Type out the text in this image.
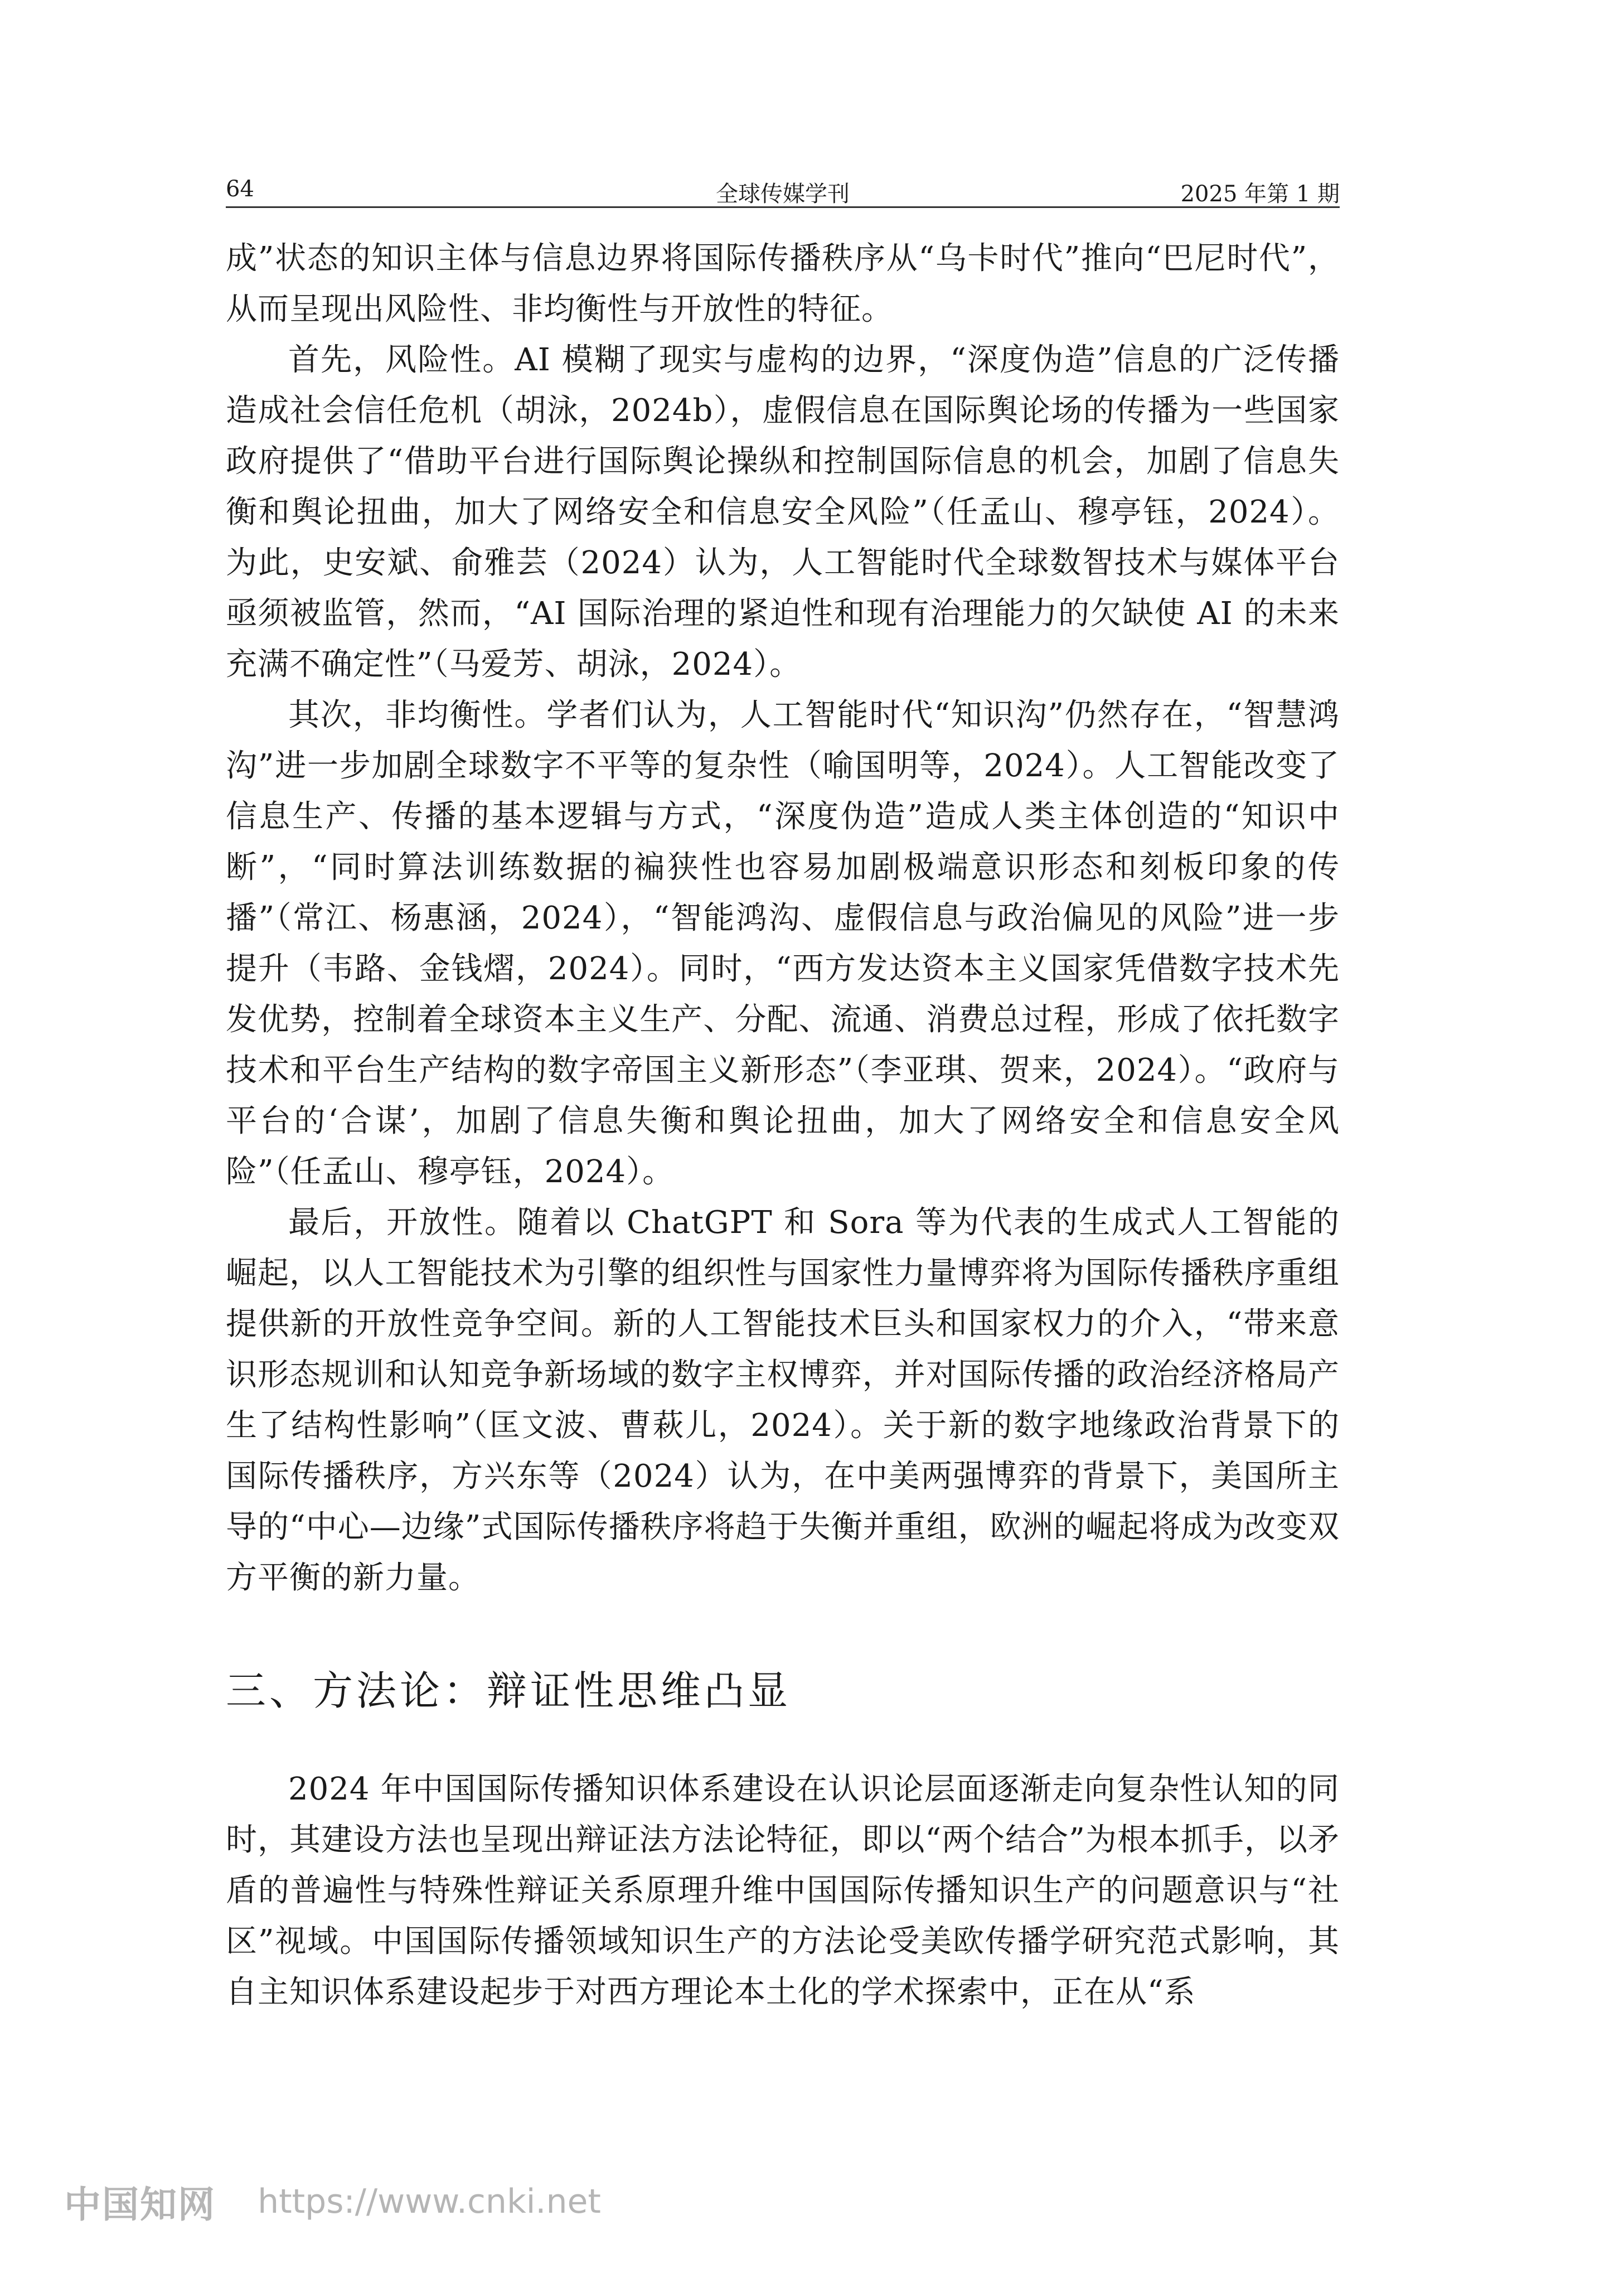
64	全球传媒学刊	2025 年第 1 期

成”状态的知识主体与信息边界将国际传播秩序从“乌卡时代”推向“巴尼时代”，从而呈现出风险性、非均衡性与开放性的特征。

首先，风险性。AI 模糊了现实与虚构的边界，“深度伪造”信息的广泛传播造成社会信任危机（胡泳，2024b），虚假信息在国际舆论场的传播为一些国家政府提供了“借助平台进行国际舆论操纵和控制国际信息的机会，加剧了信息失衡和舆论扭曲，加大了网络安全和信息安全风险”（任孟山、穆亭钰，2024）。为此，史安斌、俞雅芸（2024）认为，人工智能时代全球数智技术与媒体平台亟须被监管，然而，“AI 国际治理的紧迫性和现有治理能力的欠缺使 AI 的未来充满不确定性”（马爱芳、胡泳，2024）。

其次，非均衡性。学者们认为，人工智能时代“知识沟”仍然存在，“智慧鸿沟”进一步加剧全球数字不平等的复杂性（喻国明等，2024）。人工智能改变了信息生产、传播的基本逻辑与方式，“深度伪造”造成人类主体创造的“知识中断”，“同时算法训练数据的褊狭性也容易加剧极端意识形态和刻板印象的传播”（常江、杨惠涵，2024），“智能鸿沟、虚假信息与政治偏见的风险”进一步提升（韦路、金钱熠，2024）。同时，“西方发达资本主义国家凭借数字技术先发优势，控制着全球资本主义生产、分配、流通、消费总过程，形成了依托数字技术和平台生产结构的数字帝国主义新形态”（李亚琪、贺来，2024）。“政府与平台的‘合谋’，加剧了信息失衡和舆论扭曲，加大了网络安全和信息安全风险”（任孟山、穆亭钰，2024）。

最后，开放性。随着以 ChatGPT 和 Sora 等为代表的生成式人工智能的崛起，以人工智能技术为引擎的组织性与国家性力量博弈将为国际传播秩序重组提供新的开放性竞争空间。新的人工智能技术巨头和国家权力的介入，“带来意识形态规训和认知竞争新场域的数字主权博弈，并对国际传播的政治经济格局产生了结构性影响”（匡文波、曹萩儿，2024）。关于新的数字地缘政治背景下的国际传播秩序，方兴东等（2024）认为，在中美两强博弈的背景下，美国所主导的“中心—边缘”式国际传播秩序将趋于失衡并重组，欧洲的崛起将成为改变双方平衡的新力量。

三、方法论：辩证性思维凸显

2024 年中国国际传播知识体系建设在认识论层面逐渐走向复杂性认知的同时，其建设方法也呈现出辩证法方法论特征，即以“两个结合”为根本抓手，以矛盾的普遍性与特殊性辩证关系原理升维中国国际传播知识生产的问题意识与“社区”视域。中国国际传播领域知识生产的方法论受美欧传播学研究范式影响，其自主知识体系建设起步于对西方理论本土化的学术探索中，正在从“系

中国知网 https://www.cnki.net
